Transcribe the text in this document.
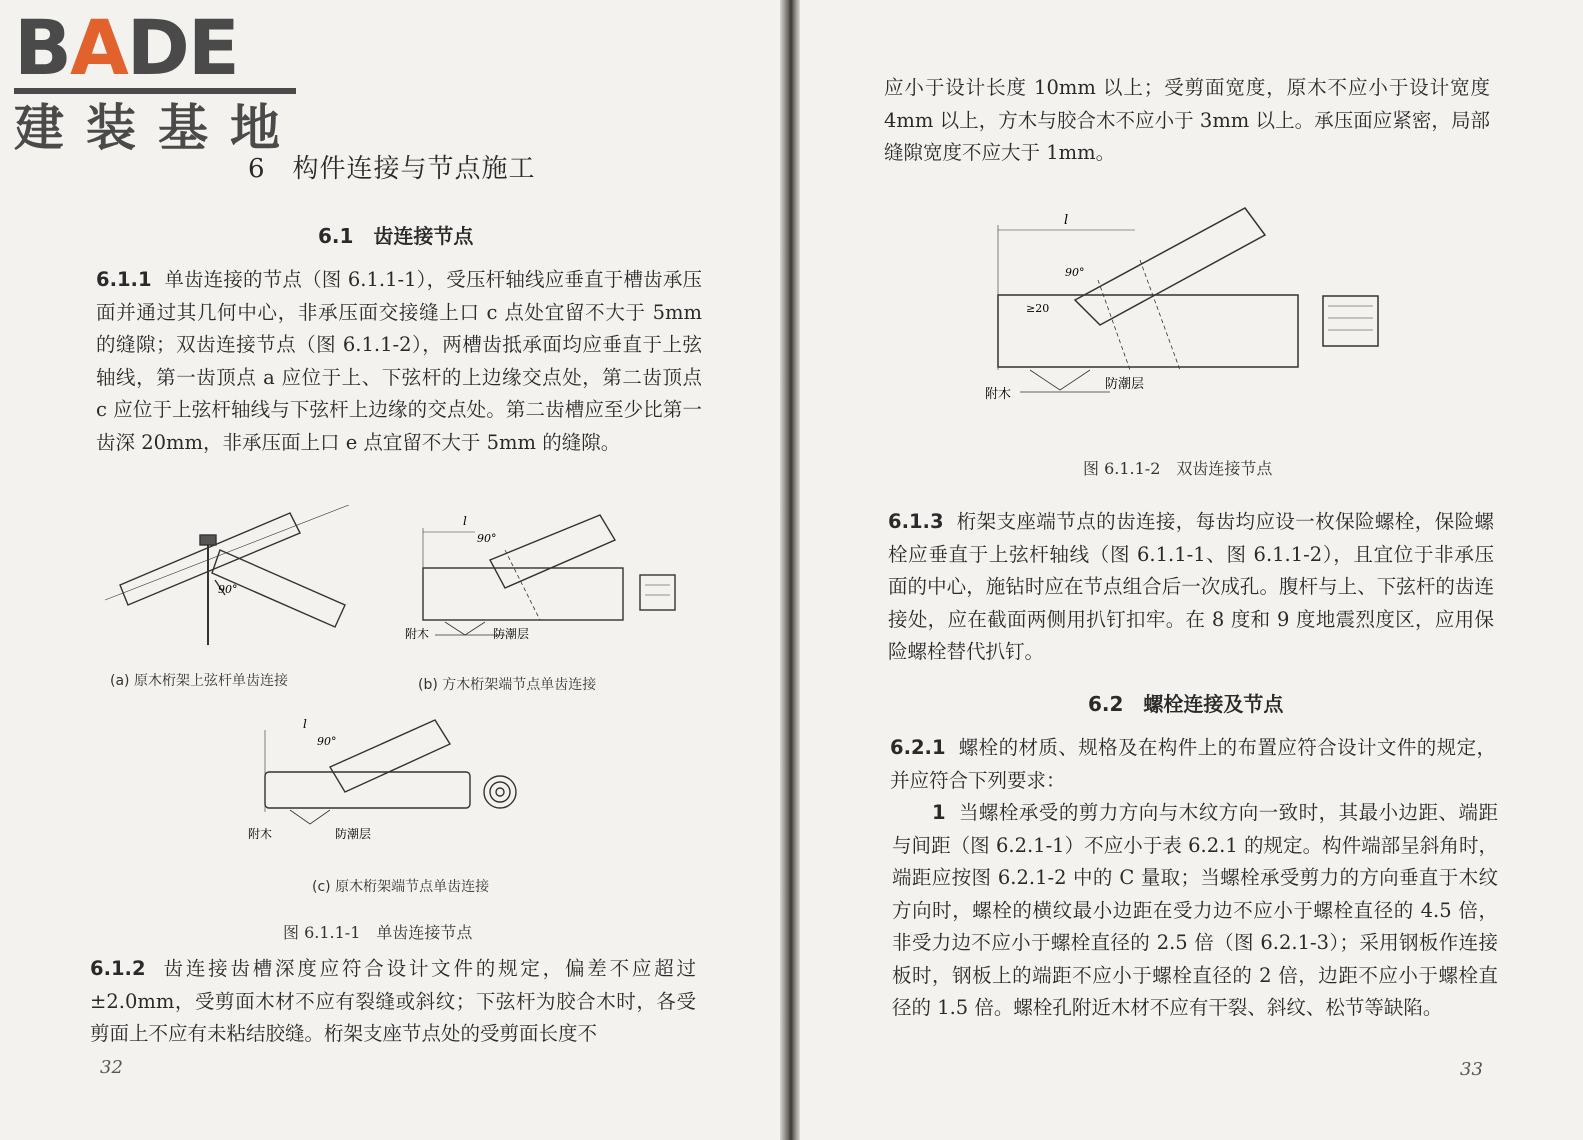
BADE
建装基地
6　构件连接与节点施工
6.1　齿连接节点
6.1.1 单齿连接的节点（图 6.1.1-1），受压杆轴线应垂直于槽齿承压面并通过其几何中心，非承压面交接缝上口 c 点处宜留不大于 5mm 的缝隙；双齿连接节点（图 6.1.1-2），两槽齿抵承面均应垂直于上弦轴线，第一齿顶点 a 应位于上、下弦杆的上边缘交点处，第二齿顶点 c 应位于上弦杆轴线与下弦杆上边缘的交点处。第二齿槽应至少比第一齿深 20mm，非承压面上口 e 点宜留不大于 5mm 的缝隙。
90°
(a) 原木桁架上弦杆单齿连接
l
90°
附木	防潮层
(b) 方木桁架端节点单齿连接
l
90°
附木	防潮层
(c) 原木桁架端节点单齿连接
图 6.1.1-1　单齿连接节点
6.1.2 齿连接齿槽深度应符合设计文件的规定，偏差不应超过 ±2.0mm，受剪面木材不应有裂缝或斜纹；下弦杆为胶合木时，各受剪面上不应有未粘结胶缝。桁架支座节点处的受剪面长度不
32
应小于设计长度 10mm 以上；受剪面宽度，原木不应小于设计宽度 4mm 以上，方木与胶合木不应小于 3mm 以上。承压面应紧密，局部缝隙宽度不应大于 1mm。
l
90°
≥20
附木
防潮层
图 6.1.1-2　双齿连接节点
6.1.3 桁架支座端节点的齿连接，每齿均应设一枚保险螺栓，保险螺栓应垂直于上弦杆轴线（图 6.1.1-1、图 6.1.1-2），且宜位于非承压面的中心，施钻时应在节点组合后一次成孔。腹杆与上、下弦杆的齿连接处，应在截面两侧用扒钉扣牢。在 8 度和 9 度地震烈度区，应用保险螺栓替代扒钉。
6.2　螺栓连接及节点
6.2.1 螺栓的材质、规格及在构件上的布置应符合设计文件的规定，并应符合下列要求：
1 当螺栓承受的剪力方向与木纹方向一致时，其最小边距、端距与间距（图 6.2.1-1）不应小于表 6.2.1 的规定。构件端部呈斜角时，端距应按图 6.2.1-2 中的 C 量取；当螺栓承受剪力的方向垂直于木纹方向时，螺栓的横纹最小边距在受力边不应小于螺栓直径的 4.5 倍，非受力边不应小于螺栓直径的 2.5 倍（图 6.2.1-3）；采用钢板作连接板时，钢板上的端距不应小于螺栓直径的 2 倍，边距不应小于螺栓直径的 1.5 倍。螺栓孔附近木材不应有干裂、斜纹、松节等缺陷。
33
